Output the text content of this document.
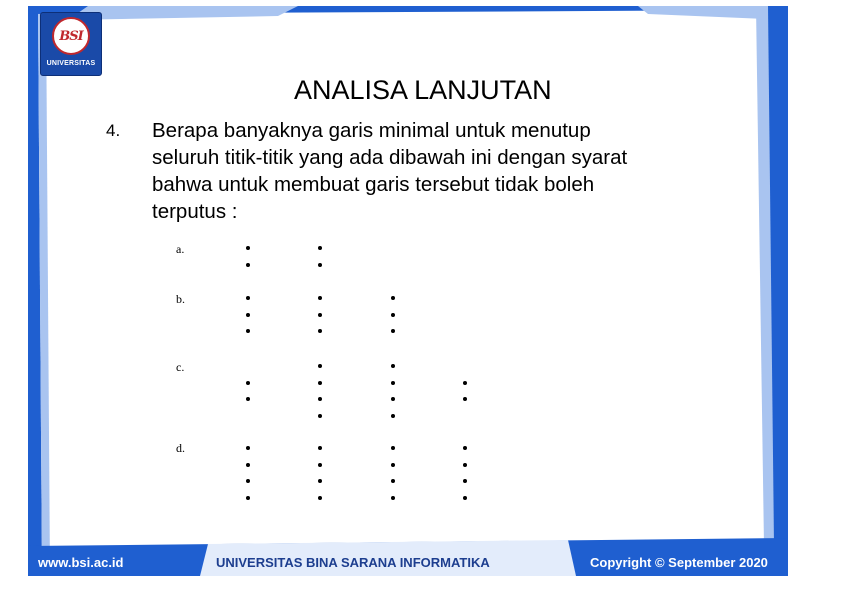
BSI
UNIVERSITAS
ANALISA LANJUTAN
4. Berapa banyaknya garis minimal untuk menutup
seluruh titik-titik yang ada dibawah ini dengan syarat
bahwa untuk membuat garis tersebut tidak boleh
terputus :
a.
b.
c.
d.
www.bsi.ac.id	UNIVERSITAS BINA SARANA INFORMATIKA	Copyright © September 2020
